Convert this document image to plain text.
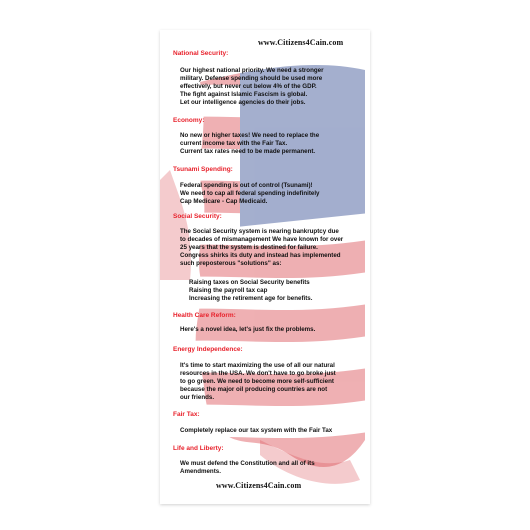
www.Citizens4Cain.com
National Security:
Our highest national priority. We need a stronger
military. Defense spending should be used more
effectively, but never cut below 4% of the GDP.
The fight against Islamic Fascism is global.
Let our intelligence agencies do their jobs.
Economy:
No new or higher taxes! We need to replace the
current income tax with the Fair Tax.
Current tax rates need to be made permanent.
Tsunami Spending:
Federal spending is out of control (Tsunami)!
We need to cap all federal spending indefinitely
Cap Medicare - Cap Medicaid.
Social Security:
The Social Security system is nearing bankruptcy due
to decades of mismanagement We have known for over
25 years that the system is destined for failure.
Congress shirks its duty and instead has implemented
such preposterous "solutions" as:
Raising taxes on Social Security benefits
Raising the payroll tax cap
Increasing the retirement age for benefits.
Health Care Reform:
Here's a novel idea, let's just fix the problems.
Energy Independence:
It's time to start maximizing the use of all our natural
resources in the USA. We don't have to go broke just
to go green. We need to become more self-sufficient
because the major oil producing countries are not
our friends.
Fair Tax:
Completely replace our tax system with the Fair Tax
Life and Liberty:
We must defend the Constitution and all of its
Amendments.
www.Citizens4Cain.com
